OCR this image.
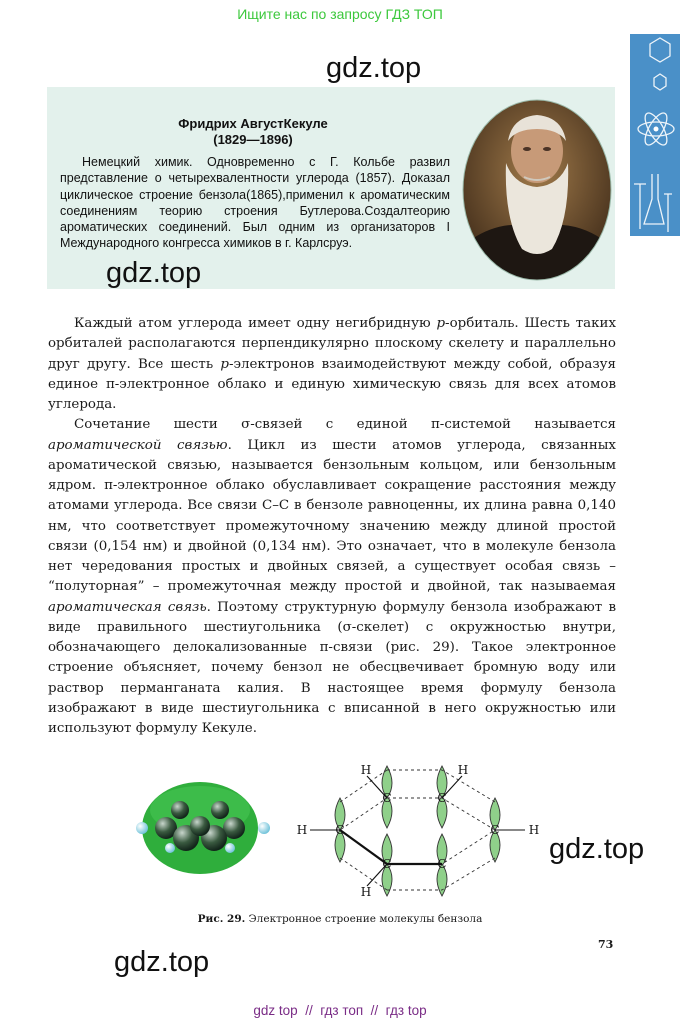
Ищите нас по запросу ГДЗ ТОП
gdz.top
Фридрих АвгустКекуле
(1829—1896)

Немецкий химик. Одновременно с Г. Кольбе развил представление о четырехвалентности углерода (1857). Доказал циклическое строение бензола(1865),применил к ароматическим соединениям теорию строения Бутлерова.Создалтеорию ароматических соединений. Был одним из организаторов I Международного конгресса химиков в г. Карлсруэ.

gdz.top

Каждый атом углерода имеет одну негибридную p-орбиталь. Шесть таких орбиталей располагаются перпендикулярно плоскому скелету и параллельно друг другу. Все шесть p-электронов взаимодействуют между собой, образуя единое π-электронное облако и единую химическую связь для всех атомов углерода.

Сочетание шести σ-связей с единой π-системой называется ароматической связью. Цикл из шести атомов углерода, связанных ароматической связью, называется бензольным кольцом, или бензольным ядром. π-электронное облако обуславливает сокращение расстояния между атомами углерода. Все связи С–С в бензоле равноценны, их длина равна 0,140 нм, что соответствует промежуточному значению между длиной простой связи (0,154 нм) и двойной (0,134 нм). Это означает, что в молекуле бензола нет чередования простых и двойных связей, а существует особая связь – “полуторная” – промежуточная между простой и двойной, так называемая ароматическая связь. Поэтому структурную формулу бензола изображают в виде правильного шестиугольника (σ-скелет) с окружностью внутри, обозначающего делокализованные π-связи (рис. 29). Такое электронное строение объясняет, почему бензол не обесцвечивает бромную воду или раствор перманганата калия. В настоящее время формулу бензола изображают в виде шестиугольника с вписанной в него окружностью или используют формулу Кекуле.

C	C
C	C
C	C
H	H
H	H
H
gdz.top
Рис. 29. Электронное строение молекулы бензола
73
gdz.top
gdz top  //  гдз топ  //  гдз top
